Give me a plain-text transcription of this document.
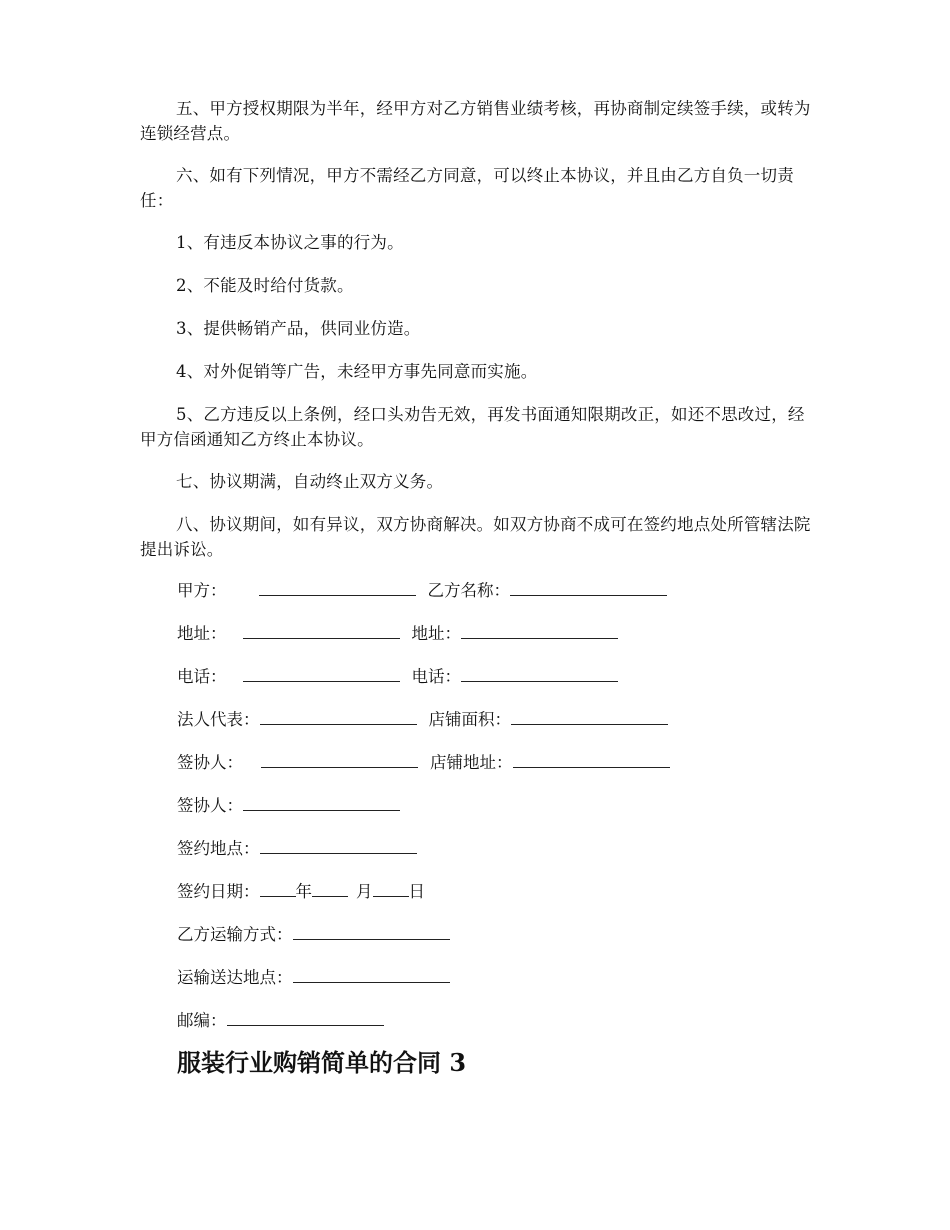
五、甲方授权期限为半年，经甲方对乙方销售业绩考核，再协商制定续签手续，或转为连锁经营点。

六、如有下列情况，甲方不需经乙方同意，可以终止本协议，并且由乙方自负一切责任：

1、有违反本协议之事的行为。

2、不能及时给付货款。

3、提供畅销产品，供同业仿造。

4、对外促销等广告，未经甲方事先同意而实施。

5、乙方违反以上条例，经口头劝告无效，再发书面通知限期改正，如还不思改过，经甲方信函通知乙方终止本协议。

七、协议期满，自动终止双方义务。

八、协议期间，如有异议，双方协商解决。如双方协商不成可在签约地点处所管辖法院提出诉讼。

甲方：	乙方名称：
地址：	地址：
电话：	电话：
法人代表：	店铺面积：
签协人：	店铺地址：
签协人：
签约地点：
签约日期： 年	月 日
乙方运输方式：
运输送达地点：
邮编：
服装行业购销简单的合同 3
